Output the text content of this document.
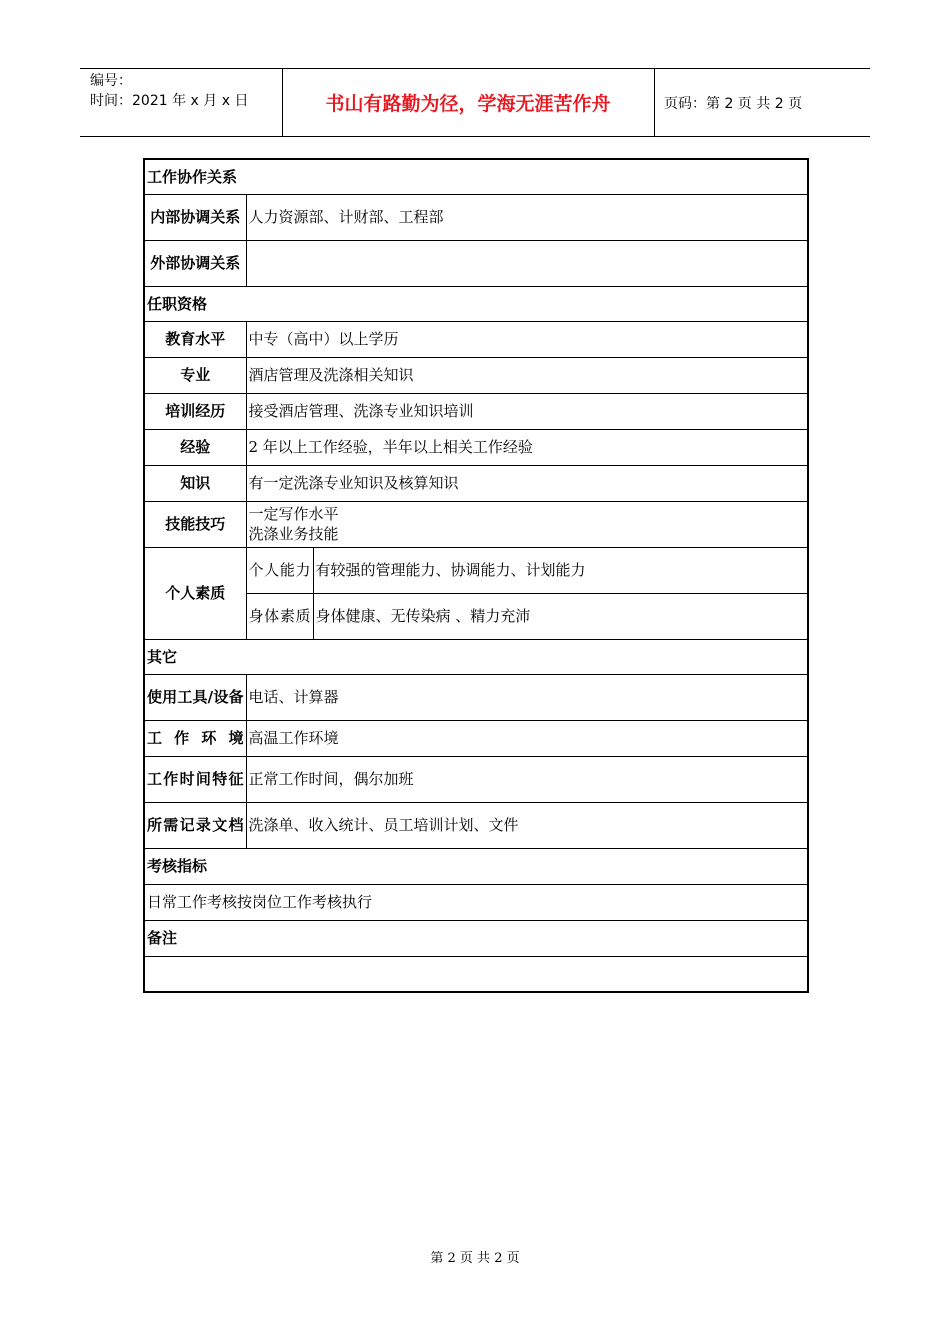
编号：
时间：2021 年 x 月 x 日	书山有路勤为径，学海无涯苦作舟	页码：第 2 页 共 2 页
工作协作关系		
内部协调关系	人力资源部、计财部、工程部	
外部协调关系		
任职资格		
教育水平	中专（高中）以上学历	
专业	酒店管理及洗涤相关知识	
培训经历	接受酒店管理、洗涤专业知识培训	
经验	2 年以上工作经验，半年以上相关工作经验	
知识	有一定洗涤专业知识及核算知识	
技能技巧	一定写作水平
洗涤业务技能	

个人素质	个人能力	有较强的管理能力、协调能力、计划能力
	身体素质	身体健康、无传染病 、精力充沛
其它		
使用工具/设备	电话、计算器	
工作环境	高温工作环境	
工作时间特征	正常工作时间，偶尔加班	
所需记录文档	洗涤单、收入统计、员工培训计划、文件	
考核指标		
日常工作考核按岗位工作考核执行		
备注		

第 2 页 共 2 页
